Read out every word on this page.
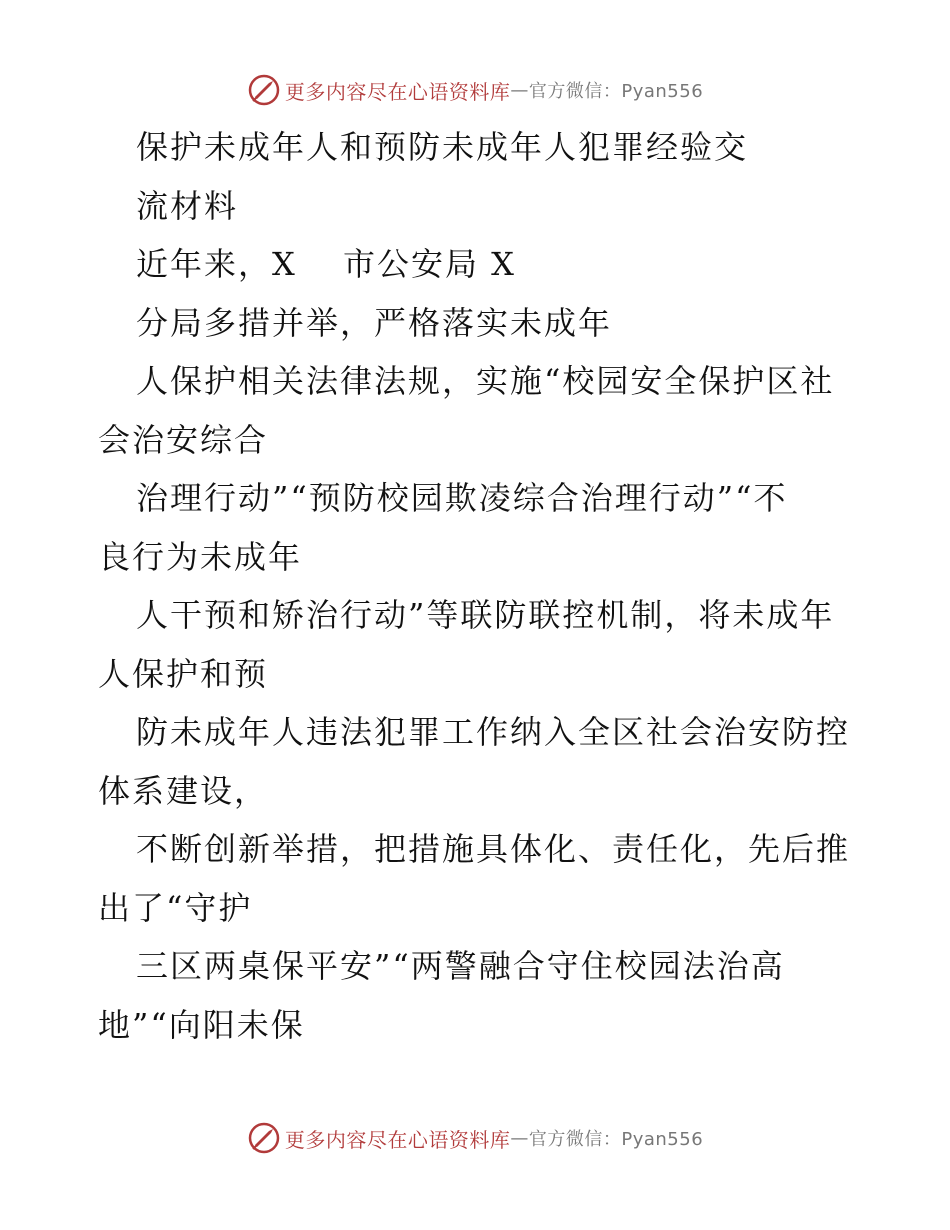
更多内容尽在心语资料库 — 官方微信：Pyan556
保护未成年人和预防未成年人犯罪经验交
流材料
近年来，X　 市公安局 X
分局多措并举，严格落实未成年
人保护相关法律法规，实施“校园安全保护区社
会治安综合
治理行动”“预防校园欺凌综合治理行动”“不
良行为未成年
人干预和矫治行动”等联防联控机制，将未成年
人保护和预
防未成年人违法犯罪工作纳入全区社会治安防控
体系建设，
不断创新举措，把措施具体化、责任化，先后推
出了“守护
三区两桌保平安”“两警融合守住校园法治高
地”“向阳未保
更多内容尽在心语资料库 — 官方微信：Pyan556
